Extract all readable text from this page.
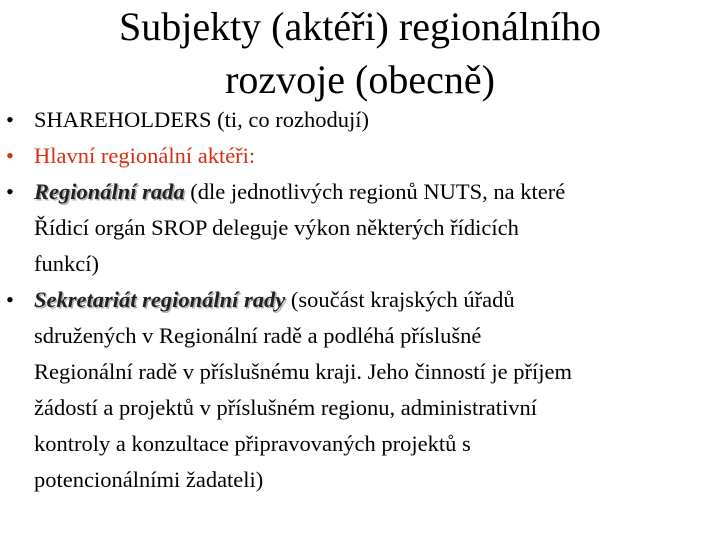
Subjekty (aktéři) regionálního
rozvoje (obecně)
• SHAREHOLDERS (ti, co rozhodují)
• Hlavní regionální aktéři:
• Regionální rada (dle jednotlivých regionů NUTS, na které
Řídicí orgán SROP deleguje výkon některých řídicích
funkcí)
• Sekretariát regionální rady (součást krajských úřadů
sdružených v Regionální radě a podléhá příslušné
Regionální radě v příslušnému kraji. Jeho činností je příjem
žádostí a projektů v příslušném regionu, administrativní
kontroly a konzultace připravovaných projektů s
potencionálními žadateli)
